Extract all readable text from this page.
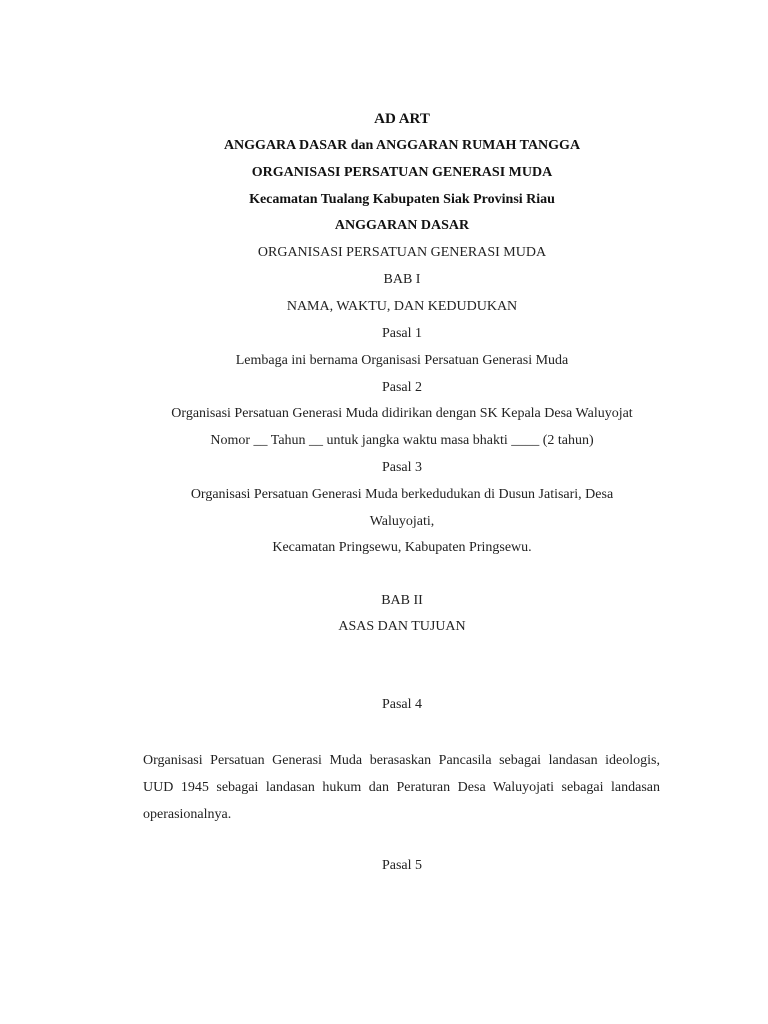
AD ART
ANGGARA DASAR dan ANGGARAN RUMAH TANGGA
ORGANISASI PERSATUAN GENERASI MUDA
Kecamatan Tualang Kabupaten Siak Provinsi Riau
ANGGARAN DASAR
ORGANISASI PERSATUAN GENERASI MUDA
BAB I
NAMA, WAKTU, DAN KEDUDUKAN
Pasal 1
Lembaga ini bernama Organisasi Persatuan Generasi Muda
Pasal 2
Organisasi Persatuan Generasi Muda didirikan dengan SK Kepala Desa Waluyojat
Nomor __ Tahun __ untuk jangka waktu masa bhakti ____ (2 tahun)
Pasal 3
Organisasi Persatuan Generasi Muda berkedudukan di Dusun Jatisari, Desa
Waluyojati,
Kecamatan Pringsewu, Kabupaten Pringsewu.
BAB II
ASAS DAN TUJUAN
Pasal 4
Organisasi Persatuan Generasi Muda berasaskan Pancasila sebagai landasan ideologis, UUD 1945 sebagai landasan hukum dan Peraturan Desa Waluyojati sebagai landasan operasionalnya.
Pasal 5
